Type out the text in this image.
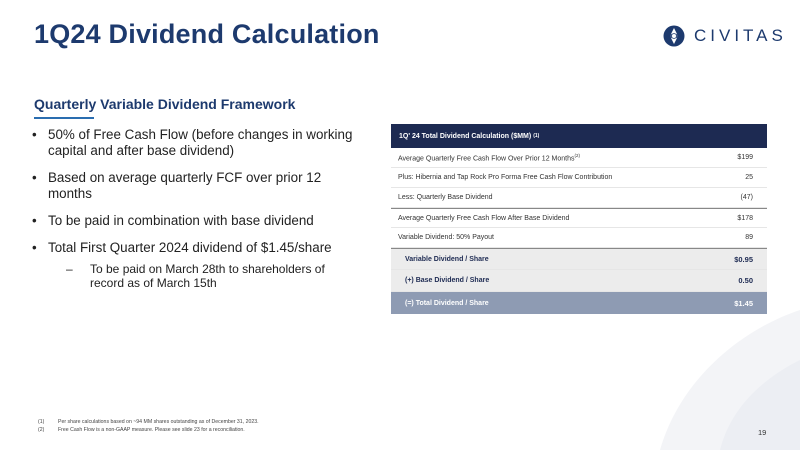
1Q24 Dividend Calculation	CIVITAS
Quarterly Variable Dividend Framework
• 50% of Free Cash Flow (before changes in working capital and after base dividend)
• Based on average quarterly FCF over prior 12 months
• To be paid in combination with base dividend
• Total First Quarter 2024 dividend of $1.45/share
– To be paid on March 28th to shareholders of record as of March 15th
1Q' 24 Total Dividend Calculation ($MM) (1)
Average Quarterly Free Cash Flow Over Prior 12 Months$^{(2)}$	$199
Plus: Hibernia and Tap Rock Pro Forma Free Cash Flow Contribution	25
Less: Quarterly Base Dividend	(47)
Average Quarterly Free Cash Flow After Base Dividend	$178
Variable Dividend: 50% Payout	89
Variable Dividend / Share	$0.95
(+) Base Dividend / Share	0.50
(=) Total Dividend / Share	$1.45
(1)	Per share calculations based on ~94 MM shares outstanding as of December 31, 2023.
(2)	Free Cash Flow is a non-GAAP measure. Please see slide 23 for a reconciliation.	19
